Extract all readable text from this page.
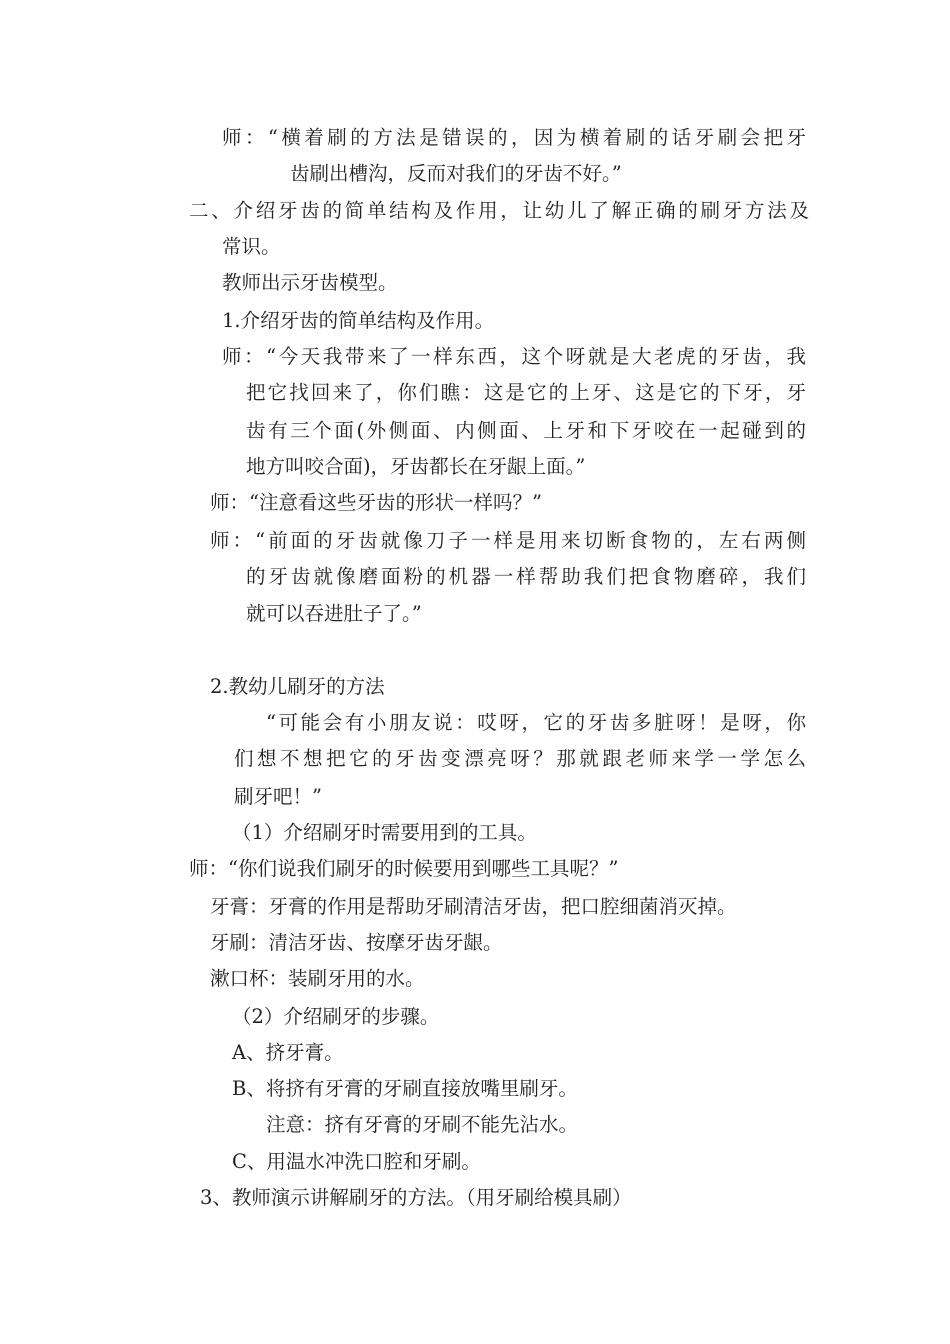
师：“横着刷的方法是错误的，因为横着刷的话牙刷会把牙
齿刷出槽沟，反而对我们的牙齿不好。”
二、介绍牙齿的简单结构及作用，让幼儿了解正确的刷牙方法及
常识。
教师出示牙齿模型。
1.介绍牙齿的简单结构及作用。
师：“今天我带来了一样东西，这个呀就是大老虎的牙齿，我
把它找回来了，你们瞧：这是它的上牙、这是它的下牙，牙
齿有三个面(外侧面、内侧面、上牙和下牙咬在一起碰到的
地方叫咬合面)，牙齿都长在牙龈上面。”
师：“注意看这些牙齿的形状一样吗？”
师：“前面的牙齿就像刀子一样是用来切断食物的，左右两侧
的牙齿就像磨面粉的机器一样帮助我们把食物磨碎，我们
就可以吞进肚子了。”
2.教幼儿刷牙的方法
“可能会有小朋友说：哎呀，它的牙齿多脏呀！是呀，你
们想不想把它的牙齿变漂亮呀？那就跟老师来学一学怎么
刷牙吧！”
（1）介绍刷牙时需要用到的工具。
师：“你们说我们刷牙的时候要用到哪些工具呢？”
牙膏：牙膏的作用是帮助牙刷清洁牙齿，把口腔细菌消灭掉。
牙刷：清洁牙齿、按摩牙齿牙龈。
漱口杯：装刷牙用的水。
（2）介绍刷牙的步骤。
A、挤牙膏。
B、将挤有牙膏的牙刷直接放嘴里刷牙。
注意：挤有牙膏的牙刷不能先沾水。
C、用温水冲洗口腔和牙刷。
3、教师演示讲解刷牙的方法。（用牙刷给模具刷）
